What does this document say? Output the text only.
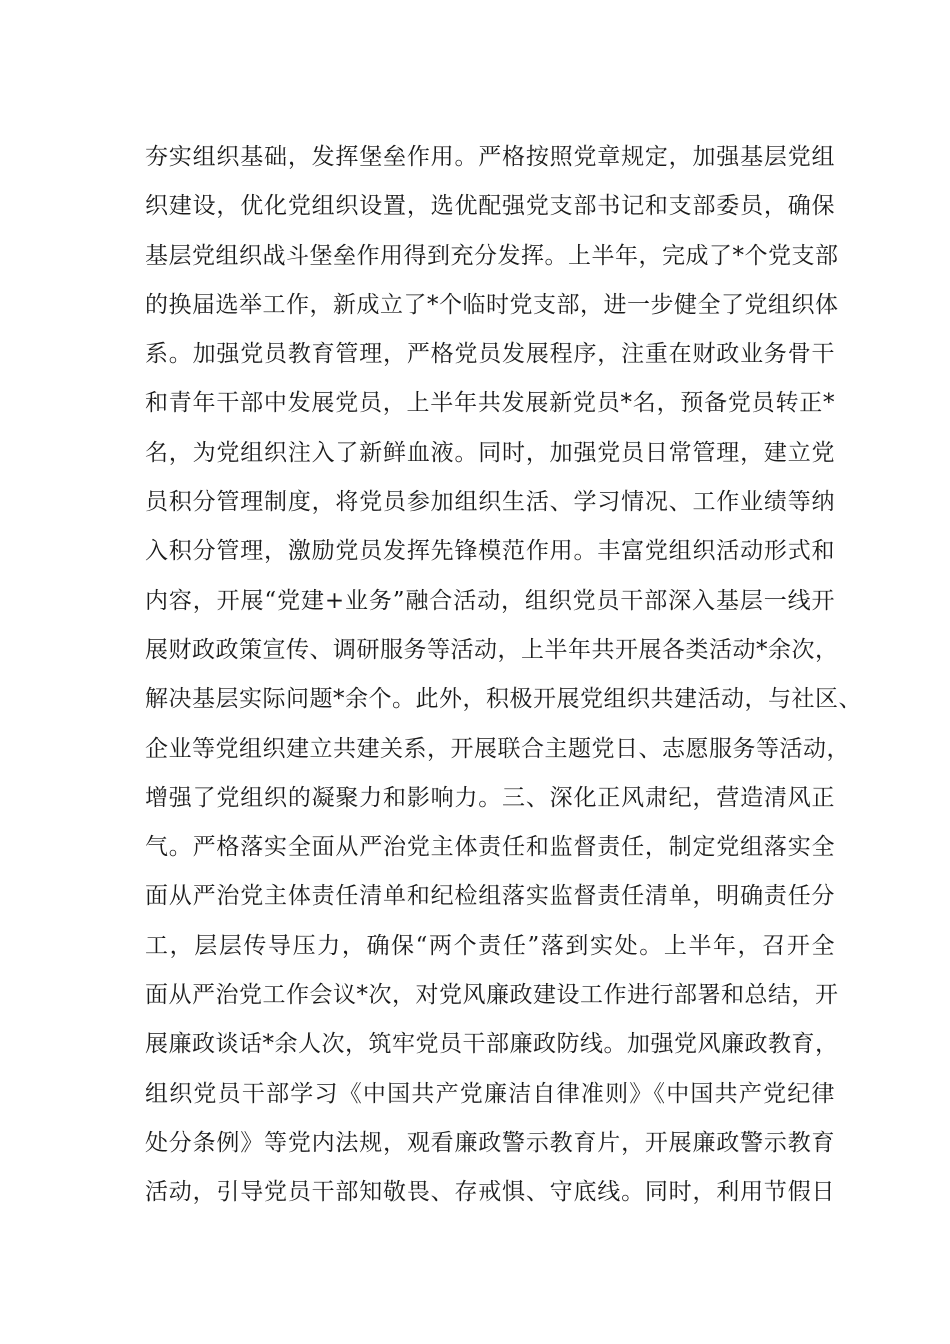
夯实组织基础，发挥堡垒作用。严格按照党章规定，加强基层党组
织建设，优化党组织设置，选优配强党支部书记和支部委员，确保
基层党组织战斗堡垒作用得到充分发挥。上半年，完成了*个党支部
的换届选举工作，新成立了*个临时党支部，进一步健全了党组织体
系。加强党员教育管理，严格党员发展程序，注重在财政业务骨干
和青年干部中发展党员，上半年共发展新党员*名，预备党员转正*
名，为党组织注入了新鲜血液。同时，加强党员日常管理，建立党
员积分管理制度，将党员参加组织生活、学习情况、工作业绩等纳
入积分管理，激励党员发挥先锋模范作用。丰富党组织活动形式和
内容，开展“党建+业务”融合活动，组织党员干部深入基层一线开
展财政政策宣传、调研服务等活动，上半年共开展各类活动*余次，
解决基层实际问题*余个。此外，积极开展党组织共建活动，与社区、
企业等党组织建立共建关系，开展联合主题党日、志愿服务等活动，
增强了党组织的凝聚力和影响力。三、深化正风肃纪，营造清风正
气。严格落实全面从严治党主体责任和监督责任，制定党组落实全
面从严治党主体责任清单和纪检组落实监督责任清单，明确责任分
工，层层传导压力，确保“两个责任”落到实处。上半年，召开全
面从严治党工作会议*次，对党风廉政建设工作进行部署和总结，开
展廉政谈话*余人次，筑牢党员干部廉政防线。加强党风廉政教育，
组织党员干部学习《中国共产党廉洁自律准则》《中国共产党纪律
处分条例》等党内法规，观看廉政警示教育片，开展廉政警示教育
活动，引导党员干部知敬畏、存戒惧、守底线。同时，利用节假日
